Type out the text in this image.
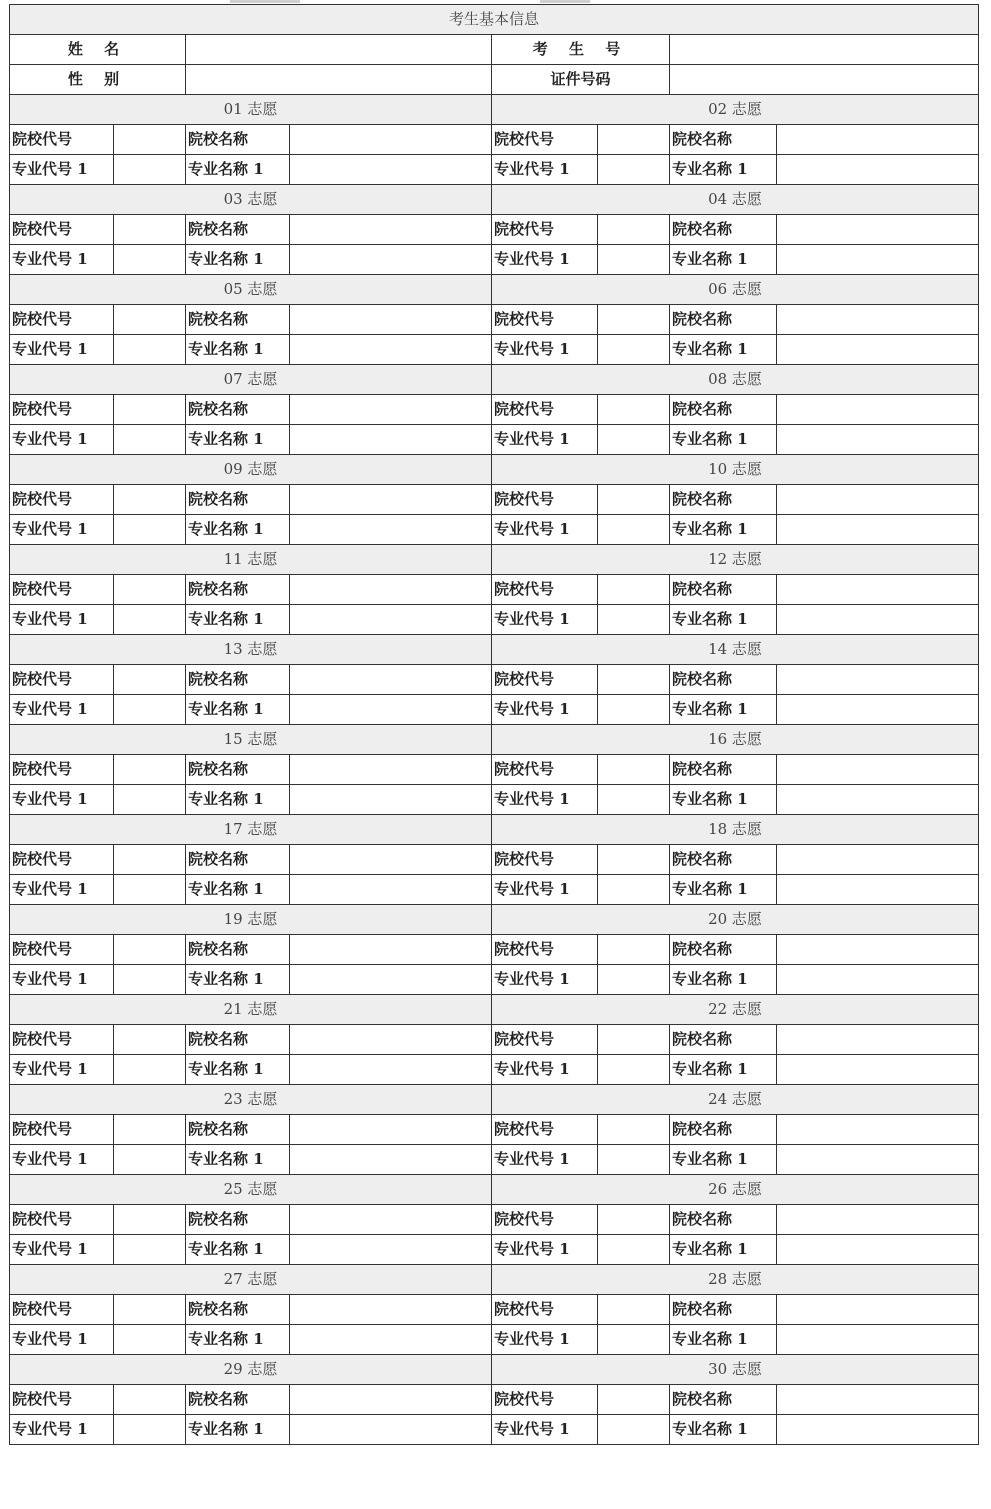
考生基本信息							
姓 名				考 生 号			
性 别				证件号码			
01 志愿				02 志愿			
院校代号		院校名称		院校代号		院校名称	
专业代号 1		专业名称 1		专业代号 1		专业名称 1	
03 志愿				04 志愿			
院校代号		院校名称		院校代号		院校名称	
专业代号 1		专业名称 1		专业代号 1		专业名称 1	
05 志愿				06 志愿			
院校代号		院校名称		院校代号		院校名称	
专业代号 1		专业名称 1		专业代号 1		专业名称 1	
07 志愿				08 志愿			
院校代号		院校名称		院校代号		院校名称	
专业代号 1		专业名称 1		专业代号 1		专业名称 1	
09 志愿				10 志愿			
院校代号		院校名称		院校代号		院校名称	
专业代号 1		专业名称 1		专业代号 1		专业名称 1	
11 志愿				12 志愿			
院校代号		院校名称		院校代号		院校名称	
专业代号 1		专业名称 1		专业代号 1		专业名称 1	
13 志愿				14 志愿			
院校代号		院校名称		院校代号		院校名称	
专业代号 1		专业名称 1		专业代号 1		专业名称 1	
15 志愿				16 志愿			
院校代号		院校名称		院校代号		院校名称	
专业代号 1		专业名称 1		专业代号 1		专业名称 1	
17 志愿				18 志愿			
院校代号		院校名称		院校代号		院校名称	
专业代号 1		专业名称 1		专业代号 1		专业名称 1	
19 志愿				20 志愿			
院校代号		院校名称		院校代号		院校名称	
专业代号 1		专业名称 1		专业代号 1		专业名称 1	
21 志愿				22 志愿			
院校代号		院校名称		院校代号		院校名称	
专业代号 1		专业名称 1		专业代号 1		专业名称 1	
23 志愿				24 志愿			
院校代号		院校名称		院校代号		院校名称	
专业代号 1		专业名称 1		专业代号 1		专业名称 1	
25 志愿				26 志愿			
院校代号		院校名称		院校代号		院校名称	
专业代号 1		专业名称 1		专业代号 1		专业名称 1	
27 志愿				28 志愿			
院校代号		院校名称		院校代号		院校名称	
专业代号 1		专业名称 1		专业代号 1		专业名称 1	
29 志愿				30 志愿			
院校代号		院校名称		院校代号		院校名称	
专业代号 1		专业名称 1		专业代号 1		专业名称 1	
